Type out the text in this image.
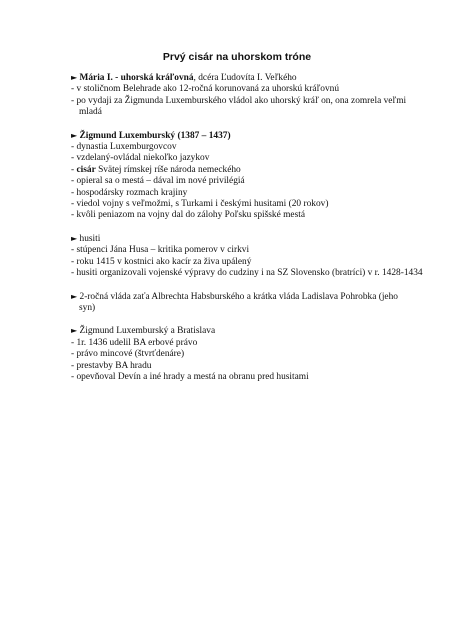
Prvý cisár na uhorskom tróne
► Mária I. - uhorská kráľovná, dcéra Ľudovíta I. Veľkého
- v stoličnom Belehrade ako 12-ročná korunovaná za uhorskú kráľovnú
- po vydaji za Žigmunda Luxemburského vládol ako uhorský kráľ on, ona zomrela veľmi
mladá
► Žigmund Luxemburský (1387 – 1437)
- dynastia Luxemburgovcov
- vzdelaný-ovládal niekoľko jazykov
- cisár Svätej rímskej ríše národa nemeckého
- opieral sa o mestá – dával im nové privilégiá
- hospodársky rozmach krajiny
- viedol vojny s veľmožmi, s Turkami i českými husitami (20 rokov)
- kvôli peniazom na vojny dal do zálohy Poľsku spišské mestá
► husiti
- stúpenci Jána Husa – kritika pomerov v cirkvi
- roku 1415 v kostnici ako kacír za živa upálený
- husiti organizovali vojenské výpravy do cudziny i na SZ Slovensko (bratríci) v r. 1428-1434
► 2-ročná vláda zaťa Albrechta Habsburského a krátka vláda Ladislava Pohrobka (jeho
syn)
► Žigmund Luxemburský a Bratislava
- 1r. 1436 udelil BA erbové právo
- právo mincové (štvrťdenáre)
- prestavby BA hradu
- opevňoval Devín a iné hrady a mestá na obranu pred husitami
